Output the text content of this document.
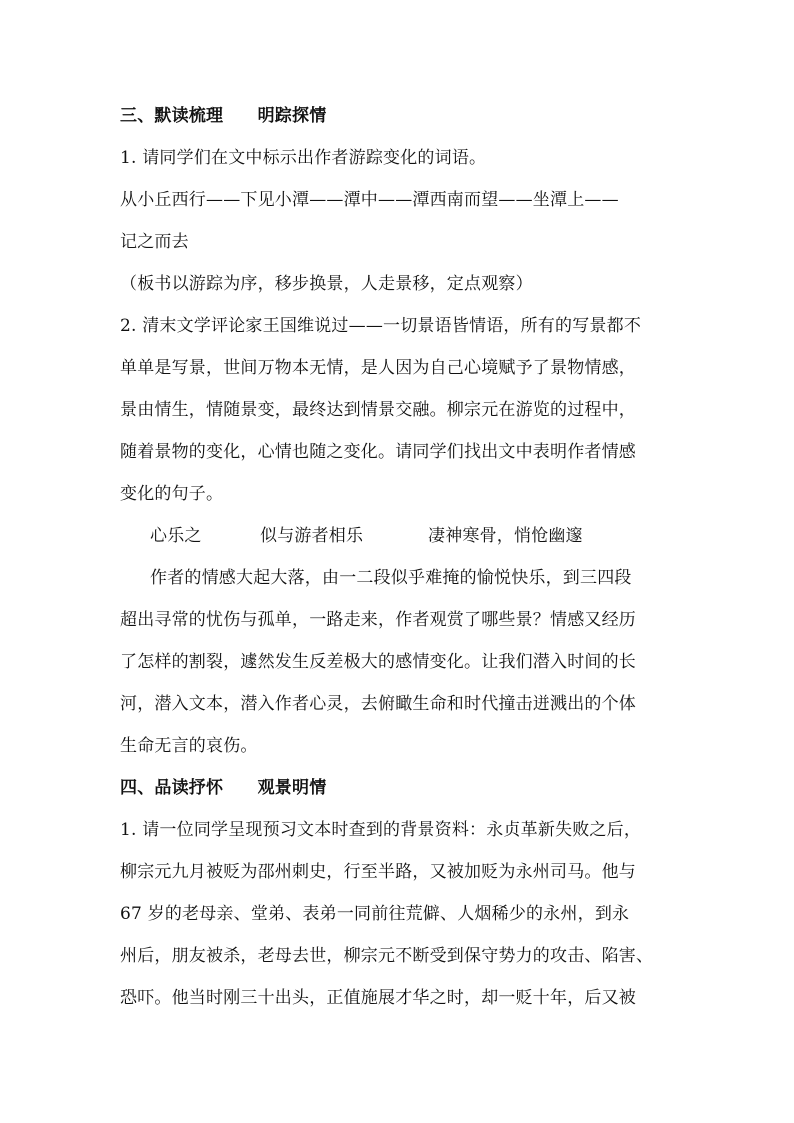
三、默读梳理　　明踪探情
1. 请同学们在文中标示出作者游踪变化的词语。
从小丘西行——下见小潭——潭中——潭西南而望——坐潭上——
记之而去
（板书以游踪为序，移步换景，人走景移，定点观察）
2. 清末文学评论家王国维说过——一切景语皆情语，所有的写景都不
单单是写景，世间万物本无情，是人因为自己心境赋予了景物情感，
景由情生，情随景变，最终达到情景交融。柳宗元在游览的过程中，
随着景物的变化，心情也随之变化。请同学们找出文中表明作者情感
变化的句子。
心乐之	似与游者相乐	凄神寒骨，悄怆幽邃
作者的情感大起大落，由一二段似乎难掩的愉悦快乐，到三四段
超出寻常的忧伤与孤单，一路走来，作者观赏了哪些景？情感又经历
了怎样的割裂，遽然发生反差极大的感情变化。让我们潜入时间的长
河，潜入文本，潜入作者心灵，去俯瞰生命和时代撞击迸溅出的个体
生命无言的哀伤。
四、品读抒怀　　观景明情
1. 请一位同学呈现预习文本时查到的背景资料：永贞革新失败之后，
柳宗元九月被贬为邵州刺史，行至半路，又被加贬为永州司马。他与
67 岁的老母亲、堂弟、表弟一同前往荒僻、人烟稀少的永州，到永
州后，朋友被杀，老母去世，柳宗元不断受到保守势力的攻击、陷害、
恐吓。他当时刚三十出头，正值施展才华之时，却一贬十年，后又被
